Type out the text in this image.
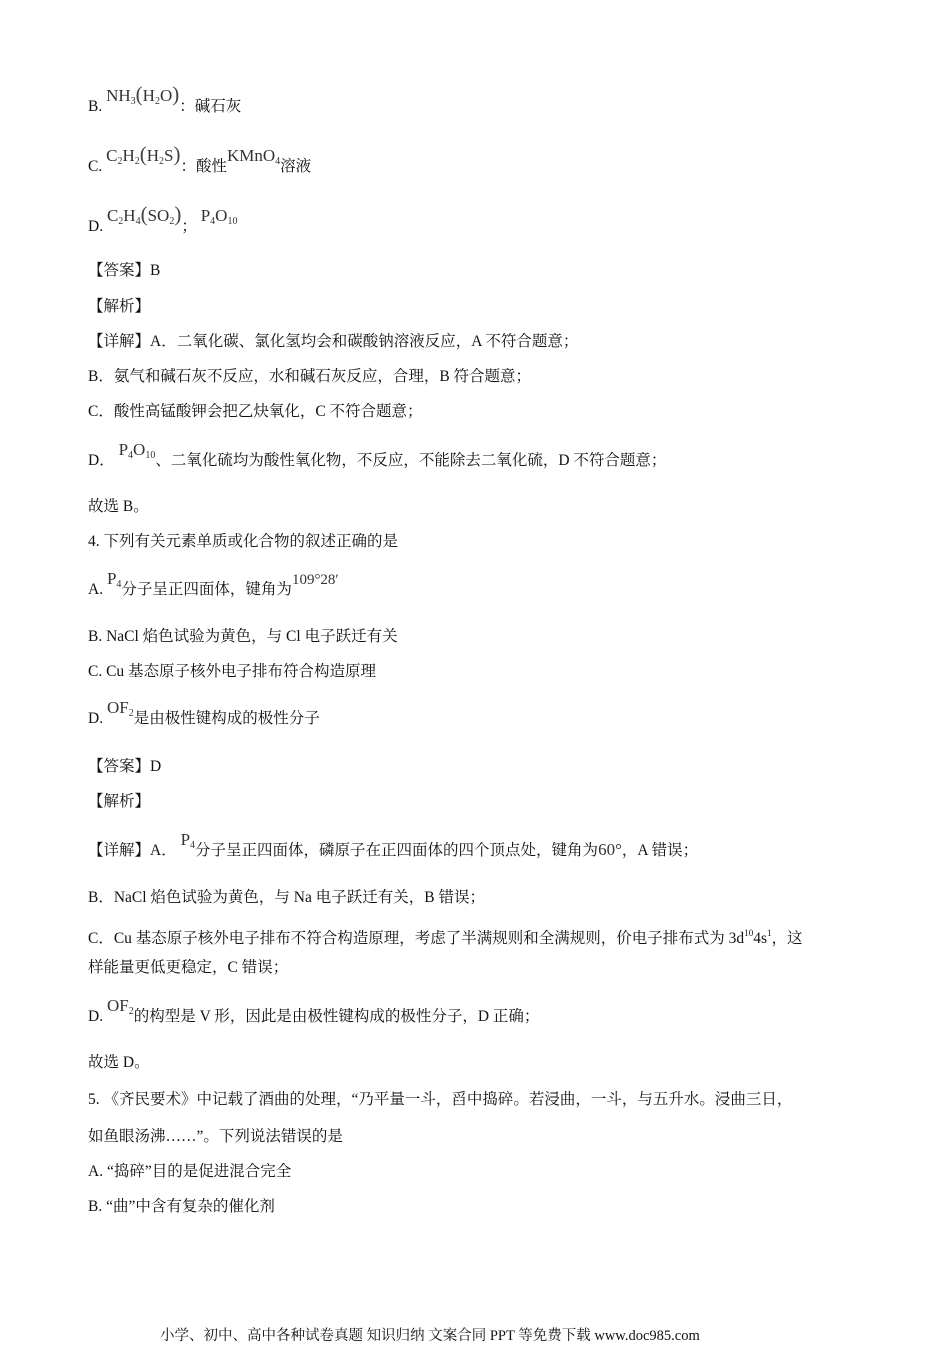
B. $NH_3(H_2O)$：碱石灰
C. $C_2H_2(H_2S)$：酸性KMnO$_4$溶液
D. $C_2H_4(SO_2)$； $P_4O_{10}$
【答案】B
【解析】
【详解】A．二氧化碳、氯化氢均会和碳酸钠溶液反应，A 不符合题意；
B．氨气和碱石灰不反应，水和碱石灰反应，合理，B 符合题意；
C．酸性高锰酸钾会把乙炔氧化，C 不符合题意；
D． $P_4O_{10}$、二氧化硫均为酸性氧化物，不反应，不能除去二氧化硫，D 不符合题意；
故选 B。
4. 下列有关元素单质或化合物的叙述正确的是
A. $P_4$分子呈正四面体，键角为109°28′
B. NaCl 焰色试验为黄色，与 Cl 电子跃迁有关
C. Cu 基态原子核外电子排布符合构造原理
D. $OF_2$是由极性键构成的极性分子
【答案】D
【解析】
【详解】A． $P_4$分子呈正四面体，磷原子在正四面体的四个顶点处，键角为60°，A 错误；
B．NaCl 焰色试验为黄色，与 Na 电子跃迁有关，B 错误；
C．Cu 基态原子核外电子排布不符合构造原理，考虑了半满规则和全满规则，价电子排布式为 $3d^{10}4s^1$，这
样能量更低更稳定，C 错误；
D. $OF_2$的构型是 V 形，因此是由极性键构成的极性分子，D 正确；
故选 D。
5. 《齐民要术》中记载了酒曲的处理，“乃平量一斗，舀中捣碎。若浸曲，一斗，与五升水。浸曲三日，
如鱼眼汤沸……”。下列说法错误的是
A. “捣碎”目的是促进混合完全
B. “曲”中含有复杂的催化剂
小学、初中、高中各种试卷真题 知识归纳 文案合同 PPT 等免费下载 www.doc985.com
